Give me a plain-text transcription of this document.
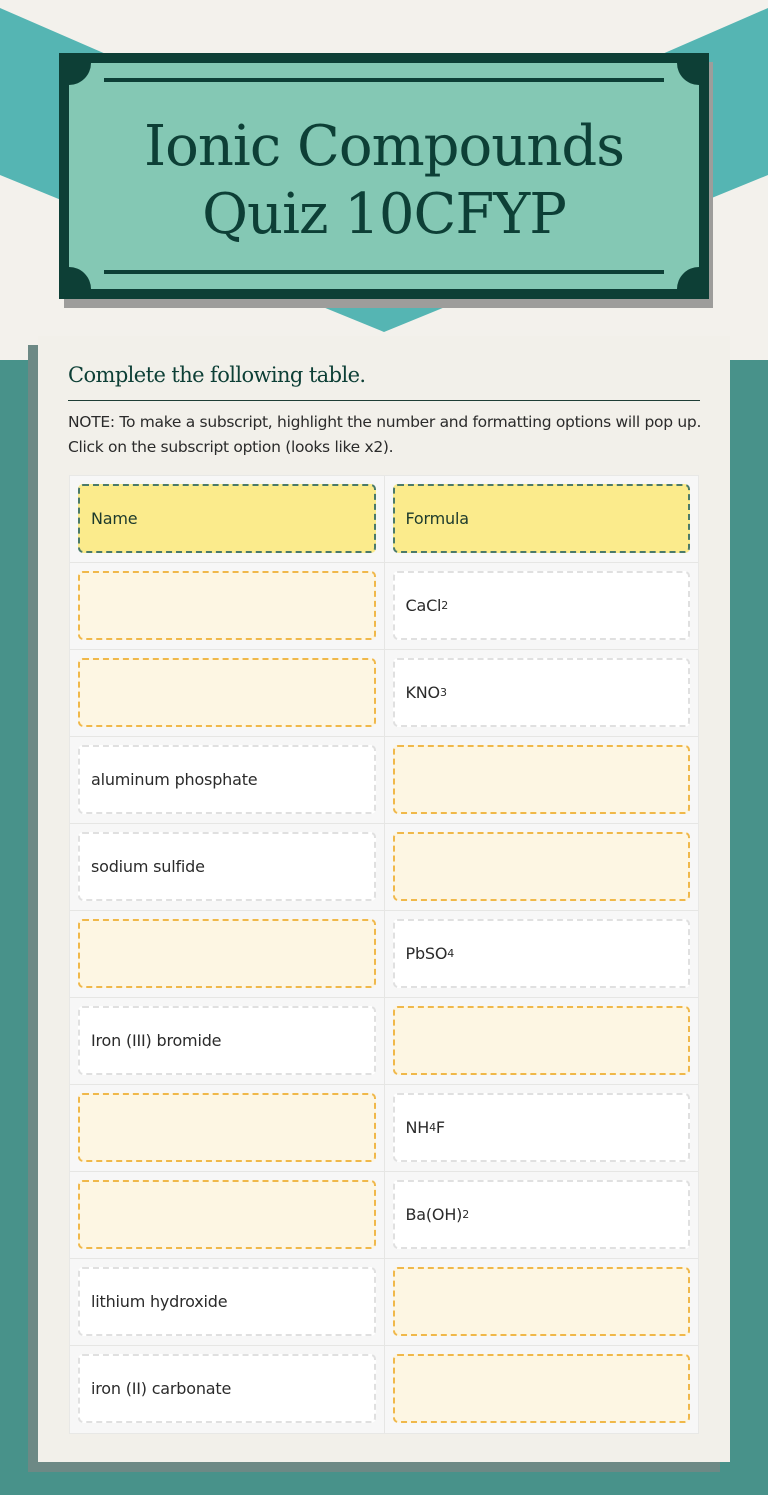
Ionic Compounds
Quiz 10CFYP
Complete the following table.
NOTE: To make a subscript, highlight the number and formatting options will pop up. Click on the subscript option (looks like x2).
Name	Formula
CaCl 2
KNO 3
aluminum phosphate
sodium sulfide
PbSO 4
Iron (III) bromide
NH 4 F
Ba(OH) 2
lithium hydroxide
iron (II) carbonate
